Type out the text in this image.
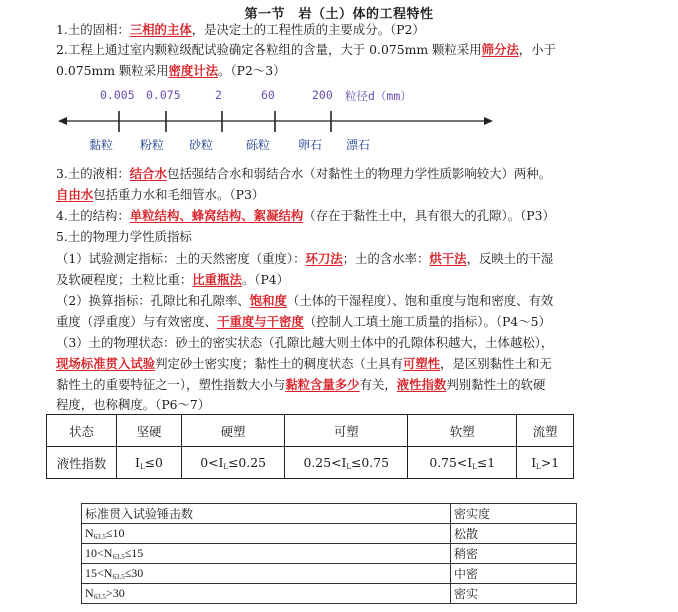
第一节　岩（土）体的工程特性
1.土的固相：三相的主体，是决定土的工程性质的主要成分。（P2）
2.工程上通过室内颗粒级配试验确定各粒组的含量，大于 0.075mm 颗粒采用筛分法，小于
0.075mm 颗粒采用密度计法。（P2～3）
0.005 0.075	2	60	200 粒径d（mm）
黏粒 粉粒 砂粒	砾粒 卵石 漂石
3.土的液相：结合水包括强结合水和弱结合水（对黏性土的物理力学性质影响较大）两种。
自由水包括重力水和毛细管水。（P3）
4.土的结构：单粒结构、蜂窝结构、絮凝结构（存在于黏性土中，具有很大的孔隙）。（P3）
5.土的物理力学性质指标
（1）试验测定指标：土的天然密度（重度）：环刀法；土的含水率：烘干法，反映土的干湿
及软硬程度；土粒比重：比重瓶法。（P4）
（2）换算指标：孔隙比和孔隙率、饱和度（土体的干湿程度）、饱和重度与饱和密度、有效
重度（浮重度）与有效密度、干重度与干密度（控制人工填土施工质量的指标）。（P4～5）
（3）土的物理状态：砂土的密实状态（孔隙比越大则土体中的孔隙体积越大，土体越松），
现场标准贯入试验判定砂土密实度；黏性土的稠度状态（土具有可塑性，是区别黏性土和无
黏性土的重要特征之一），塑性指数大小与黏粒含量多少有关，液性指数判别黏性土的软硬
程度，也称稠度。（P6～7）
状态	坚硬	硬塑	可塑	软塑	流塑
液性指数	$I_L\le 0$	$0<I_L\le 0.25$	$0.25<I_L\le 0.75$	$0.75<I_L\le 1$	$I_L>1$
标准贯入试验锤击数	密实度
$N_{63.5}\le 10$	松散
$10<N_{63.5}\le 15$	稍密
$15<N_{63.5}\le 30$	中密
$N_{63.5}>30$	密实
